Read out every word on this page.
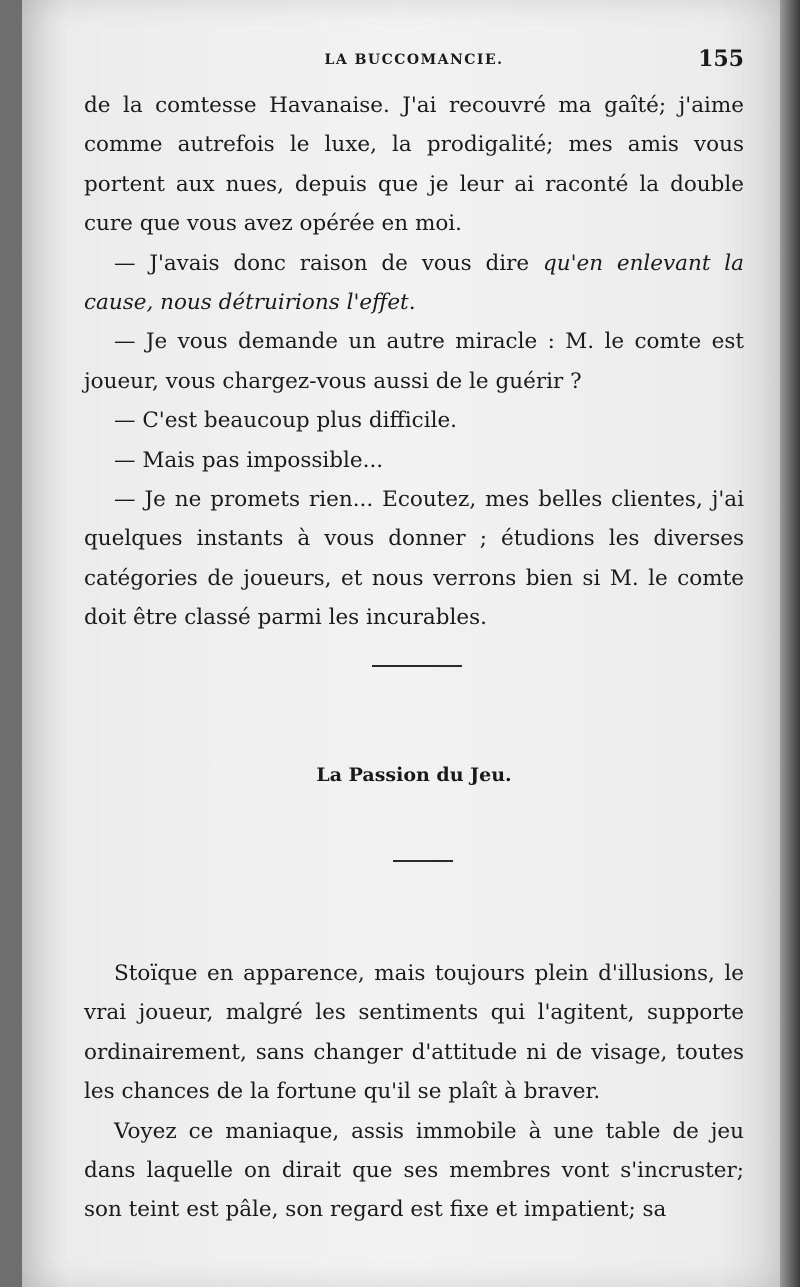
LA BUCCOMANCIE.	155

de la comtesse Havanaise. J'ai recouvré ma gaîté; j'aime comme autrefois le luxe, la prodigalité; mes amis vous portent aux nues, depuis que je leur ai raconté la double cure que vous avez opérée en moi.

— J'avais donc raison de vous dire qu'en enlevant la cause, nous détruirions l'effet.

— Je vous demande un autre miracle : M. le comte est joueur, vous chargez-vous aussi de le guérir ?

— C'est beaucoup plus difficile.

— Mais pas impossible...

— Je ne promets rien... Ecoutez, mes belles clientes, j'ai quelques instants à vous donner ; étudions les diverses catégories de joueurs, et nous verrons bien si M. le comte doit être classé parmi les incurables.

La Passion du Jeu.

Stoïque en apparence, mais toujours plein d'illusions, le vrai joueur, malgré les sentiments qui l'agitent, supporte ordinairement, sans changer d'attitude ni de visage, toutes les chances de la fortune qu'il se plaît à braver.

Voyez ce maniaque, assis immobile à une table de jeu dans laquelle on dirait que ses membres vont s'incruster; son teint est pâle, son regard est fixe et impatient; sa
